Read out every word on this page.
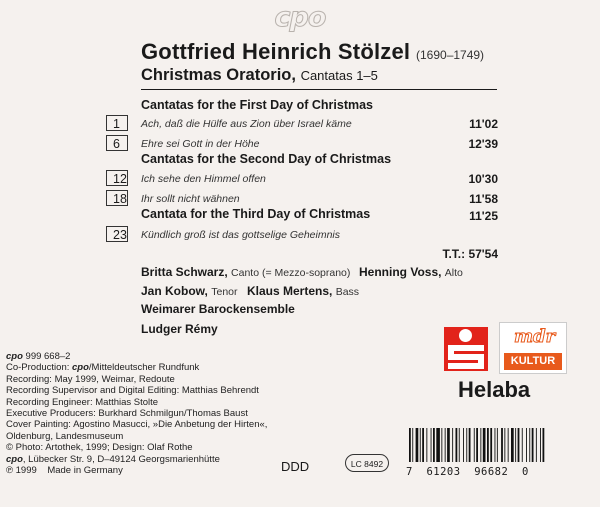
cpo
Gottfried Heinrich Stölzel (1690–1749)
Christmas Oratorio, Cantatas 1–5
Cantatas for the First Day of Christmas
1	Ach, daß die Hülfe aus Zion über Israel käme	11'02
6	Ehre sei Gott in der Höhe	12'39
Cantatas for the Second Day of Christmas
12 Ich sehe den Himmel offen	10'30
18 Ihr sollt nicht wähnen	11'58
Cantata for the Third Day of Christmas	11'25
23 Kündlich groß ist das gottselige Geheimnis
T.T.: 57'54
Britta Schwarz, Canto (= Mezzo-soprano) Henning Voss, Alto
Jan Kobow, Tenor Klaus Mertens, Bass
Weimarer Barockensemble
Ludger Rémy
cpo 999 668–2
Co-Production: cpo/Mitteldeutscher Rundfunk
Recording: May 1999, Weimar, Redoute
Recording Supervisor and Digital Editing: Matthias Behrendt
Recording Engineer: Matthias Stolte
Executive Producers: Burkhard Schmilgun/Thomas Baust
Cover Painting: Agostino Masucci, »Die Anbetung der Hirten«,
Oldenburg, Landesmuseum
© Photo: Artothek, 1999; Design: Olaf Rothe
cpo, Lübecker Str. 9, D–49124 Georgsmarienhütte
℗ 1999    Made in Germany
mdr
KULTUR
Helaba
DDD	LC 8492
7  61203  96682  0
